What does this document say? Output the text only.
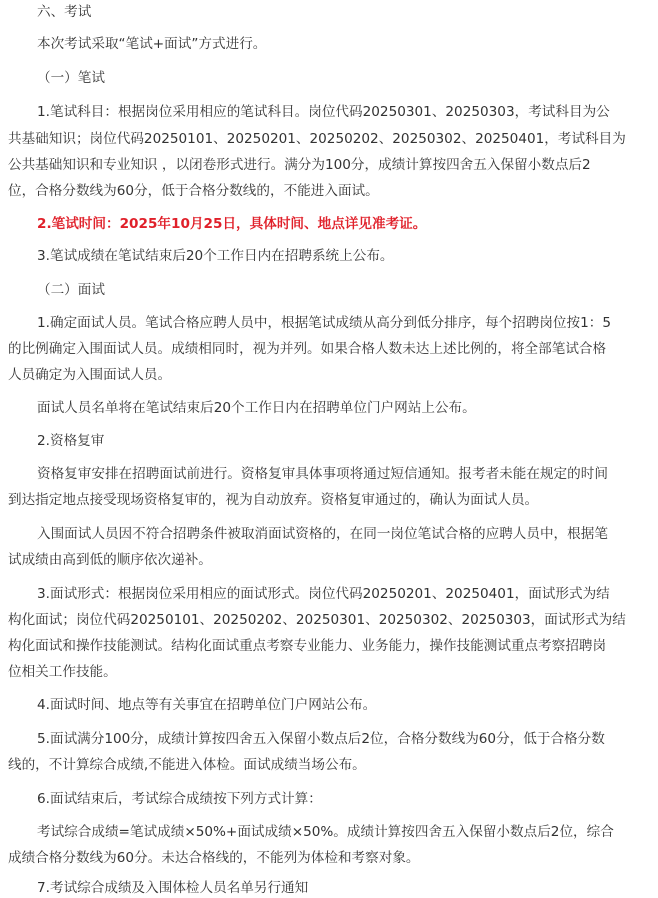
六、考试
本次考试采取“笔试+面试”方式进行。
（一）笔试
1.笔试科目：根据岗位采用相应的笔试科目。岗位代码20250301、20250303，考试科目为公
共基础知识；岗位代码20250101、20250201、20250202、20250302、20250401，考试科目为
公共基础知识和专业知识 ，以闭卷形式进行。满分为100分，成绩计算按四舍五入保留小数点后2
位，合格分数线为60分，低于合格分数线的，不能进入面试。
2.笔试时间：2025年10月25日，具体时间、地点详见准考证。
3.笔试成绩在笔试结束后20个工作日内在招聘系统上公布。
（二）面试
1.确定面试人员。笔试合格应聘人员中，根据笔试成绩从高分到低分排序，每个招聘岗位按1：5
的比例确定入围面试人员。成绩相同时，视为并列。如果合格人数未达上述比例的，将全部笔试合格
人员确定为入围面试人员。
面试人员名单将在笔试结束后20个工作日内在招聘单位门户网站上公布。
2.资格复审
资格复审安排在招聘面试前进行。资格复审具体事项将通过短信通知。报考者未能在规定的时间
到达指定地点接受现场资格复审的，视为自动放弃。资格复审通过的，确认为面试人员。
入围面试人员因不符合招聘条件被取消面试资格的，在同一岗位笔试合格的应聘人员中，根据笔
试成绩由高到低的顺序依次递补。
3.面试形式：根据岗位采用相应的面试形式。岗位代码20250201、20250401，面试形式为结
构化面试；岗位代码20250101、20250202、20250301、20250302、20250303，面试形式为结
构化面试和操作技能测试。结构化面试重点考察专业能力、业务能力，操作技能测试重点考察招聘岗
位相关工作技能。
4.面试时间、地点等有关事宜在招聘单位门户网站公布。
5.面试满分100分，成绩计算按四舍五入保留小数点后2位，合格分数线为60分，低于合格分数
线的，不计算综合成绩,不能进入体检。面试成绩当场公布。
6.面试结束后，考试综合成绩按下列方式计算：
考试综合成绩=笔试成绩×50%+面试成绩×50%。成绩计算按四舍五入保留小数点后2位，综合
成绩合格分数线为60分。未达合格线的，不能列为体检和考察对象。
7.考试综合成绩及入围体检人员名单另行通知
